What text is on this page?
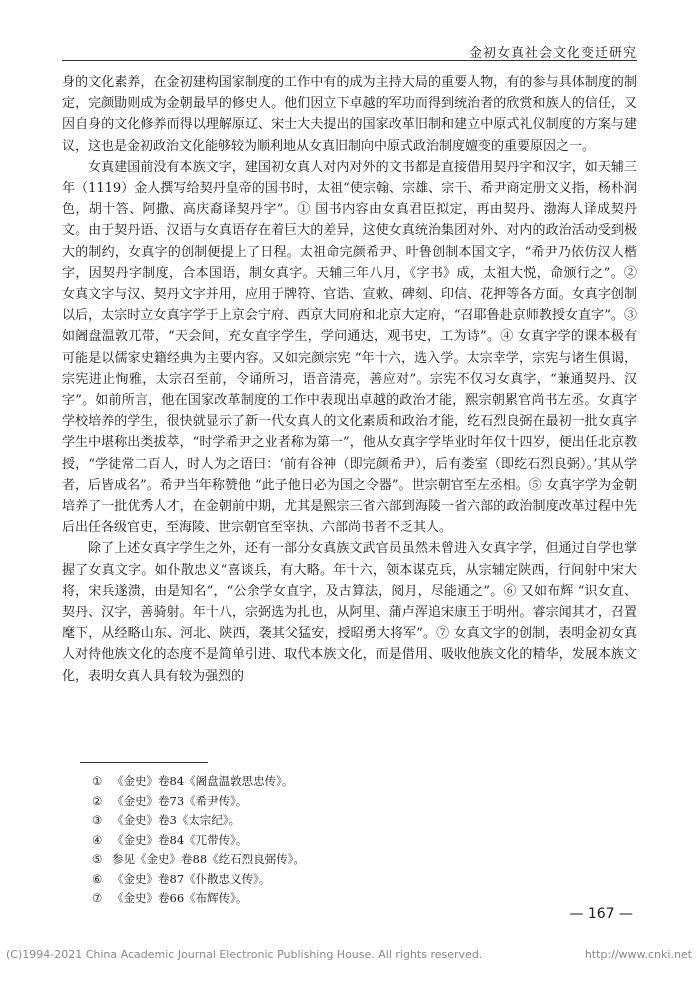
金初女真社会文化变迁研究

身的文化素养，在金初建构国家制度的工作中有的成为主持大局的重要人物，有的参与具体制度的制定，完颜勖则成为金朝最早的修史人。他们因立下卓越的军功而得到统治者的欣赏和族人的信任，又因自身的文化修养而得以理解原辽、宋士大夫提出的国家改革旧制和建立中原式礼仪制度的方案与建议，这也是金初政治文化能够较为顺利地从女真旧制向中原式政治制度嬗变的重要原因之一。

女真建国前没有本族文字，建国初女真人对内对外的文书都是直接借用契丹字和汉字，如天辅三年（1119）金人撰写给契丹皇帝的国书时，太祖“使宗翰、宗雄、宗干、希尹商定册文义指，杨朴润色，胡十答、阿撒、高庆裔译契丹字”。① 国书内容由女真君臣拟定，再由契丹、渤海人译成契丹文。由于契丹语、汉语与女真语存在着巨大的差异，这使女真统治集团对外、对内的政治活动受到极大的制约，女真字的创制便提上了日程。太祖命完颜希尹、叶鲁创制本国文字，“希尹乃依仿汉人楷字，因契丹字制度，合本国语，制女真字。天辅三年八月，《字书》成，太祖大悦，命颁行之”。② 女真文字与汉、契丹文字并用，应用于牌符、官诰、宣敕、碑刻、印信、花押等各方面。女真字创制以后，太宗时立女真字学于上京会宁府、西京大同府和北京大定府，“召耶鲁赴京师教授女直字”。③ 如阇盘温敦兀带，“天会间，充女直字学生，学问通达，观书史，工为诗”。④ 女真字学的课本极有可能是以儒家史籍经典为主要内容。又如完颜宗宪 “年十六，选入学。太宗幸学，宗宪与诸生俱谒，宗宪进止恂雅，太宗召至前，令诵所习，语音清亮，善应对”。宗宪不仅习女真字，“兼通契丹、汉字”。如前所言，他在国家改革制度的工作中表现出卓越的政治才能，熙宗朝累官尚书左丞。女真字学校培养的学生，很快就显示了新一代女真人的文化素质和政治才能，纥石烈良弼在最初一批女真字学生中堪称出类拔萃，“时学希尹之业者称为第一”，他从女真字学毕业时年仅十四岁，便出任北京教授，“学徒常二百人，时人为之语曰：‘前有谷神（即完颜希尹），后有娄室（即纥石烈良弼）。’其从学者，后皆成名”。希尹当年称赞他 “此子他日必为国之令器”。世宗朝官至左丞相。⑤ 女真字学为金朝培养了一批优秀人才，在金朝前中期，尤其是熙宗三省六部到海陵一省六部的政治制度改革过程中先后出任各级官吏，至海陵、世宗朝官至宰执、六部尚书者不乏其人。

除了上述女真字学生之外，还有一部分女真族文武官员虽然未曾进入女真字学，但通过自学也掌握了女真文字。如仆散忠义“喜谈兵，有大略。年十六，领本谋克兵，从宗辅定陕西，行间射中宋大将，宋兵遂溃，由是知名”，“公余学女直字，及古算法，阅月，尽能通之”。⑥ 又如布辉 “识女直、契丹、汉字，善骑射。年十八，宗弼选为扎也，从阿里、蒲卢浑追宋康王于明州。睿宗闻其才，召置麾下，从经略山东、河北、陕西，袭其父猛安，授昭勇大将军”。⑦ 女真文字的创制，表明金初女真人对待他族文化的态度不是简单引进、取代本族文化，而是借用、吸收他族文化的精华，发展本族文化，表明女真人具有较为强烈的

① 《金史》卷84《阇盘温敦思忠传》。
② 《金史》卷73《希尹传》。
③ 《金史》卷3《太宗纪》。
④ 《金史》卷84《兀带传》。
⑤ 参见《金史》卷88《纥石烈良弼传》。
⑥ 《金史》卷87《仆散忠义传》。
⑦ 《金史》卷66《布辉传》。
— 167 —
(C)1994-2021 China Academic Journal Electronic Publishing House. All rights reserved.	http://www.cnki.net
